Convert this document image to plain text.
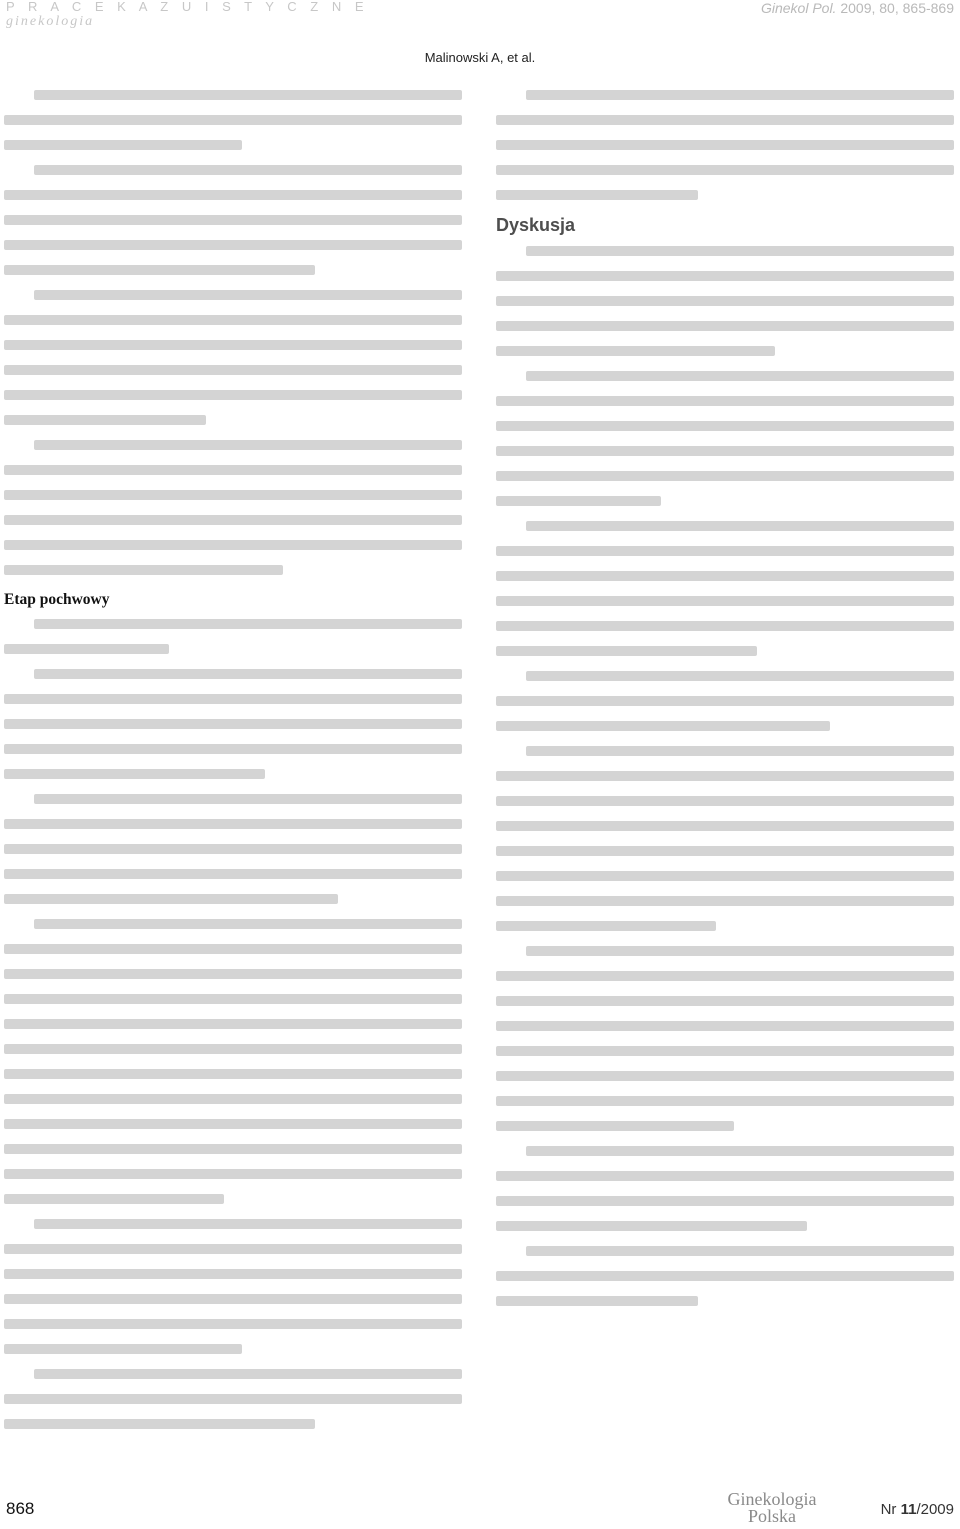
P R A C E K A Z U I S T Y C Z N E
ginekologia
Ginekol Pol. 2009, 80, 865-869
Malinowski A, et al.
Etap pochwowy
Dyskusja
868	Ginekologia
Polska	Nr 11/2009
